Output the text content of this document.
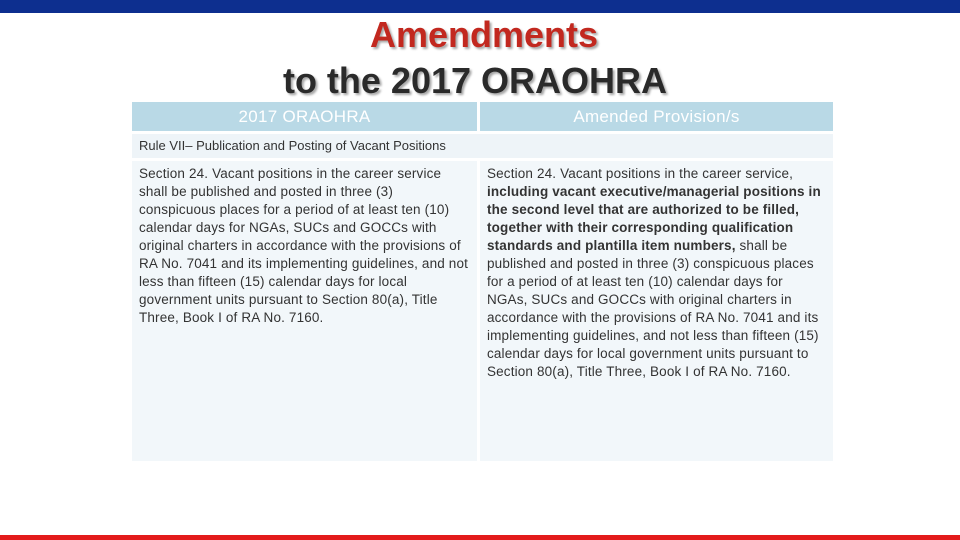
Amendments
to the 2017 ORAOHRA
2017 ORAOHRA	Amended Provision/s
Rule VII– Publication and Posting of Vacant Positions
Section 24. Vacant positions in the career service shall be published and posted in three (3) conspicuous places for a period of at least ten (10) calendar days for NGAs, SUCs and GOCCs with original charters in accordance with the provisions of RA No. 7041 and its implementing guidelines, and not less than fifteen (15) calendar days for local government units pursuant to Section 80(a), Title Three, Book I of RA No. 7160.
Section 24. Vacant positions in the career service, including vacant executive/managerial positions in the second level that are authorized to be filled, together with their corresponding qualification standards and plantilla item numbers, shall be published and posted in three (3) conspicuous places for a period of at least ten (10) calendar days for NGAs, SUCs and GOCCs with original charters in accordance with the provisions of RA No. 7041 and its implementing guidelines, and not less than fifteen (15) calendar days for local government units pursuant to Section 80(a), Title Three, Book I of RA No. 7160.
